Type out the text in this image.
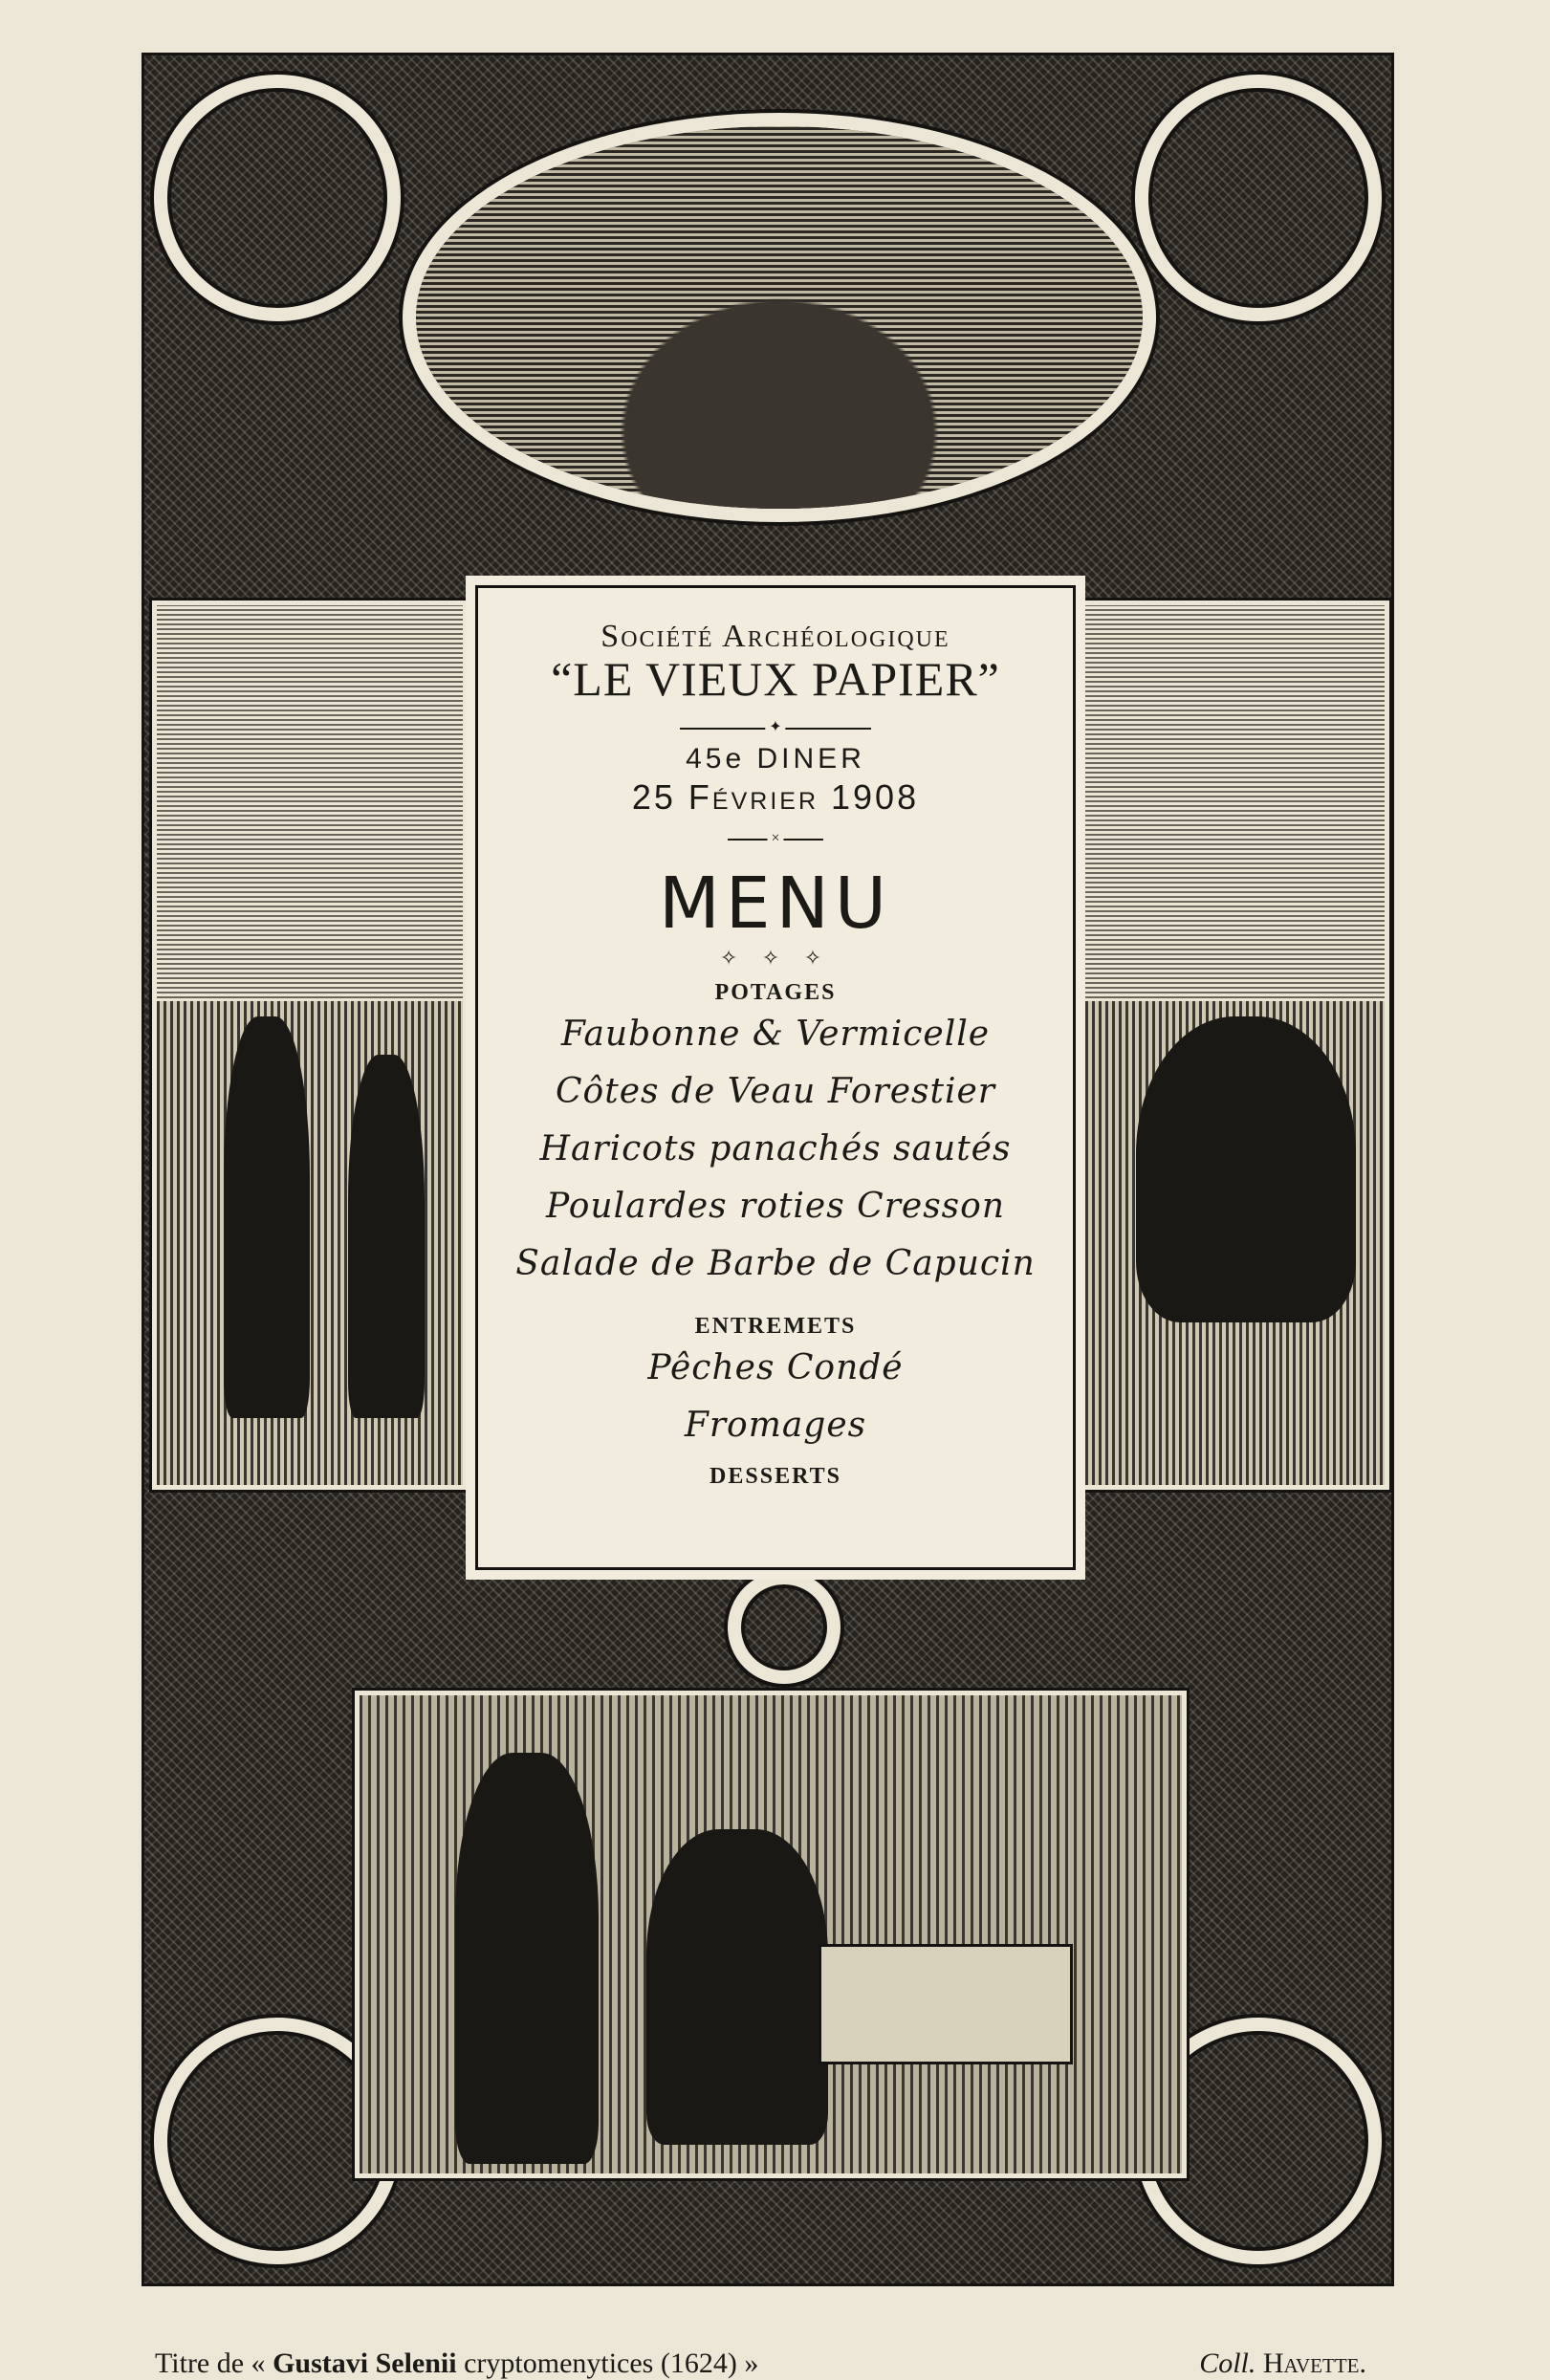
Société Archéologique
“LE VIEUX PAPIER”
✦
45e DINER
25 Février 1908
×
MENU
✧ ✧ ✧
POTAGES
Faubonne & Vermicelle
Côtes de Veau Forestier
Haricots panachés sautés
Poulardes roties Cresson
Salade de Barbe de Capucin
ENTREMETS
Pêches Condé
Fromages
DESSERTS
Titre de « Gustavi Selenii cryptomenytices (1624) »	Coll. Havette.
